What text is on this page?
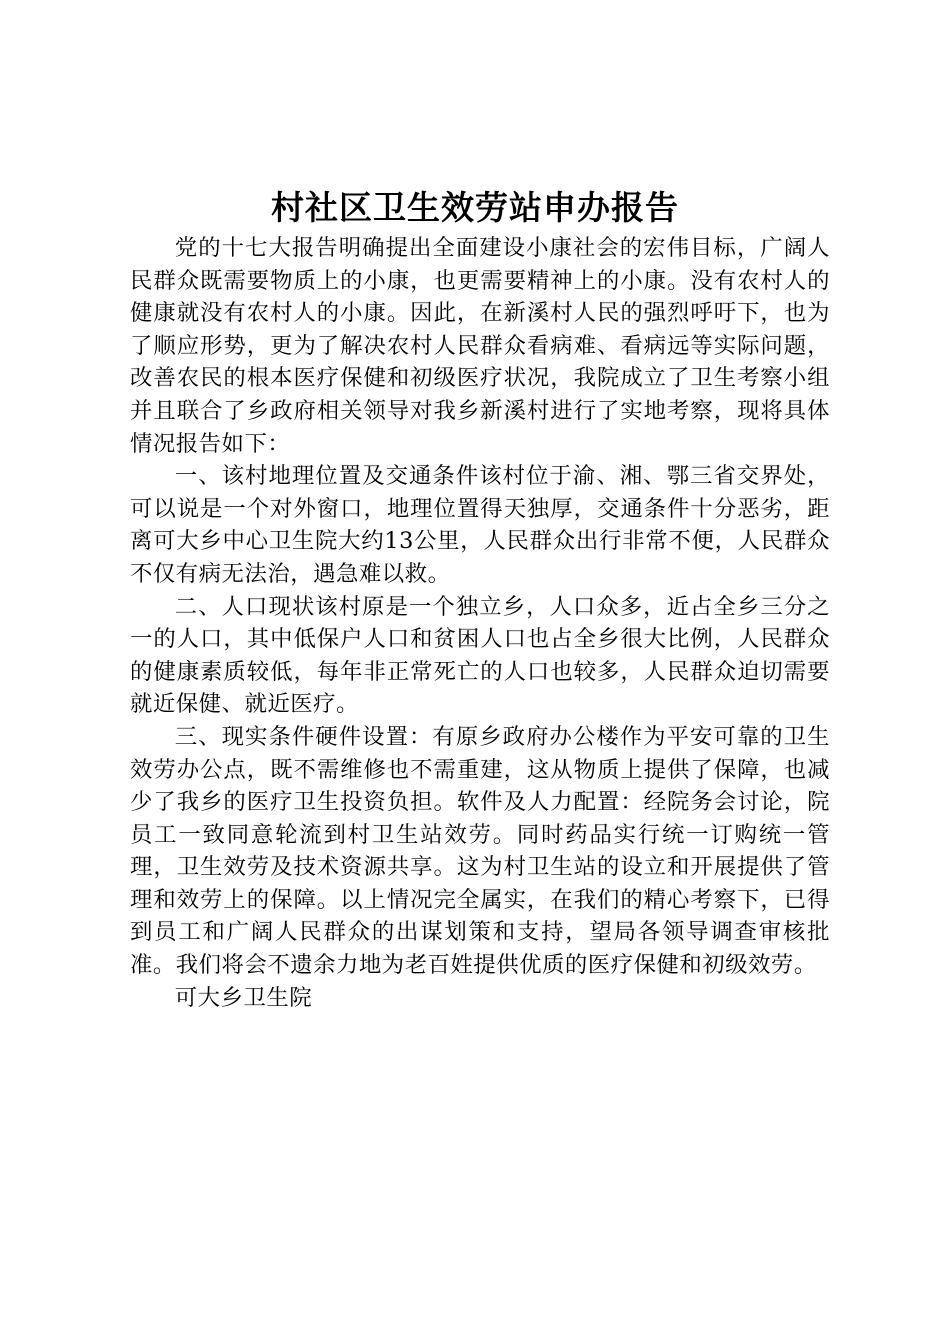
村社区卫生效劳站申办报告

党的十七大报告明确提出全面建设小康社会的宏伟目标，广阔人民群众既需要物质上的小康，也更需要精神上的小康。没有农村人的健康就没有农村人的小康。因此，在新溪村人民的强烈呼吁下，也为了顺应形势，更为了解决农村人民群众看病难、看病远等实际问题，改善农民的根本医疗保健和初级医疗状况，我院成立了卫生考察小组并且联合了乡政府相关领导对我乡新溪村进行了实地考察，现将具体情况报告如下：

一、该村地理位置及交通条件该村位于渝、湘、鄂三省交界处，可以说是一个对外窗口，地理位置得天独厚，交通条件十分恶劣，距离可大乡中心卫生院大约13公里，人民群众出行非常不便，人民群众不仅有病无法治，遇急难以救。

二、人口现状该村原是一个独立乡，人口众多，近占全乡三分之一的人口，其中低保户人口和贫困人口也占全乡很大比例，人民群众的健康素质较低，每年非正常死亡的人口也较多，人民群众迫切需要就近保健、就近医疗。

三、现实条件硬件设置：有原乡政府办公楼作为平安可靠的卫生效劳办公点，既不需维修也不需重建，这从物质上提供了保障，也减少了我乡的医疗卫生投资负担。软件及人力配置：经院务会讨论，院员工一致同意轮流到村卫生站效劳。同时药品实行统一订购统一管理，卫生效劳及技术资源共享。这为村卫生站的设立和开展提供了管理和效劳上的保障。以上情况完全属实，在我们的精心考察下，已得到员工和广阔人民群众的出谋划策和支持，望局各领导调查审核批准。我们将会不遗余力地为老百姓提供优质的医疗保健和初级效劳。

可大乡卫生院
